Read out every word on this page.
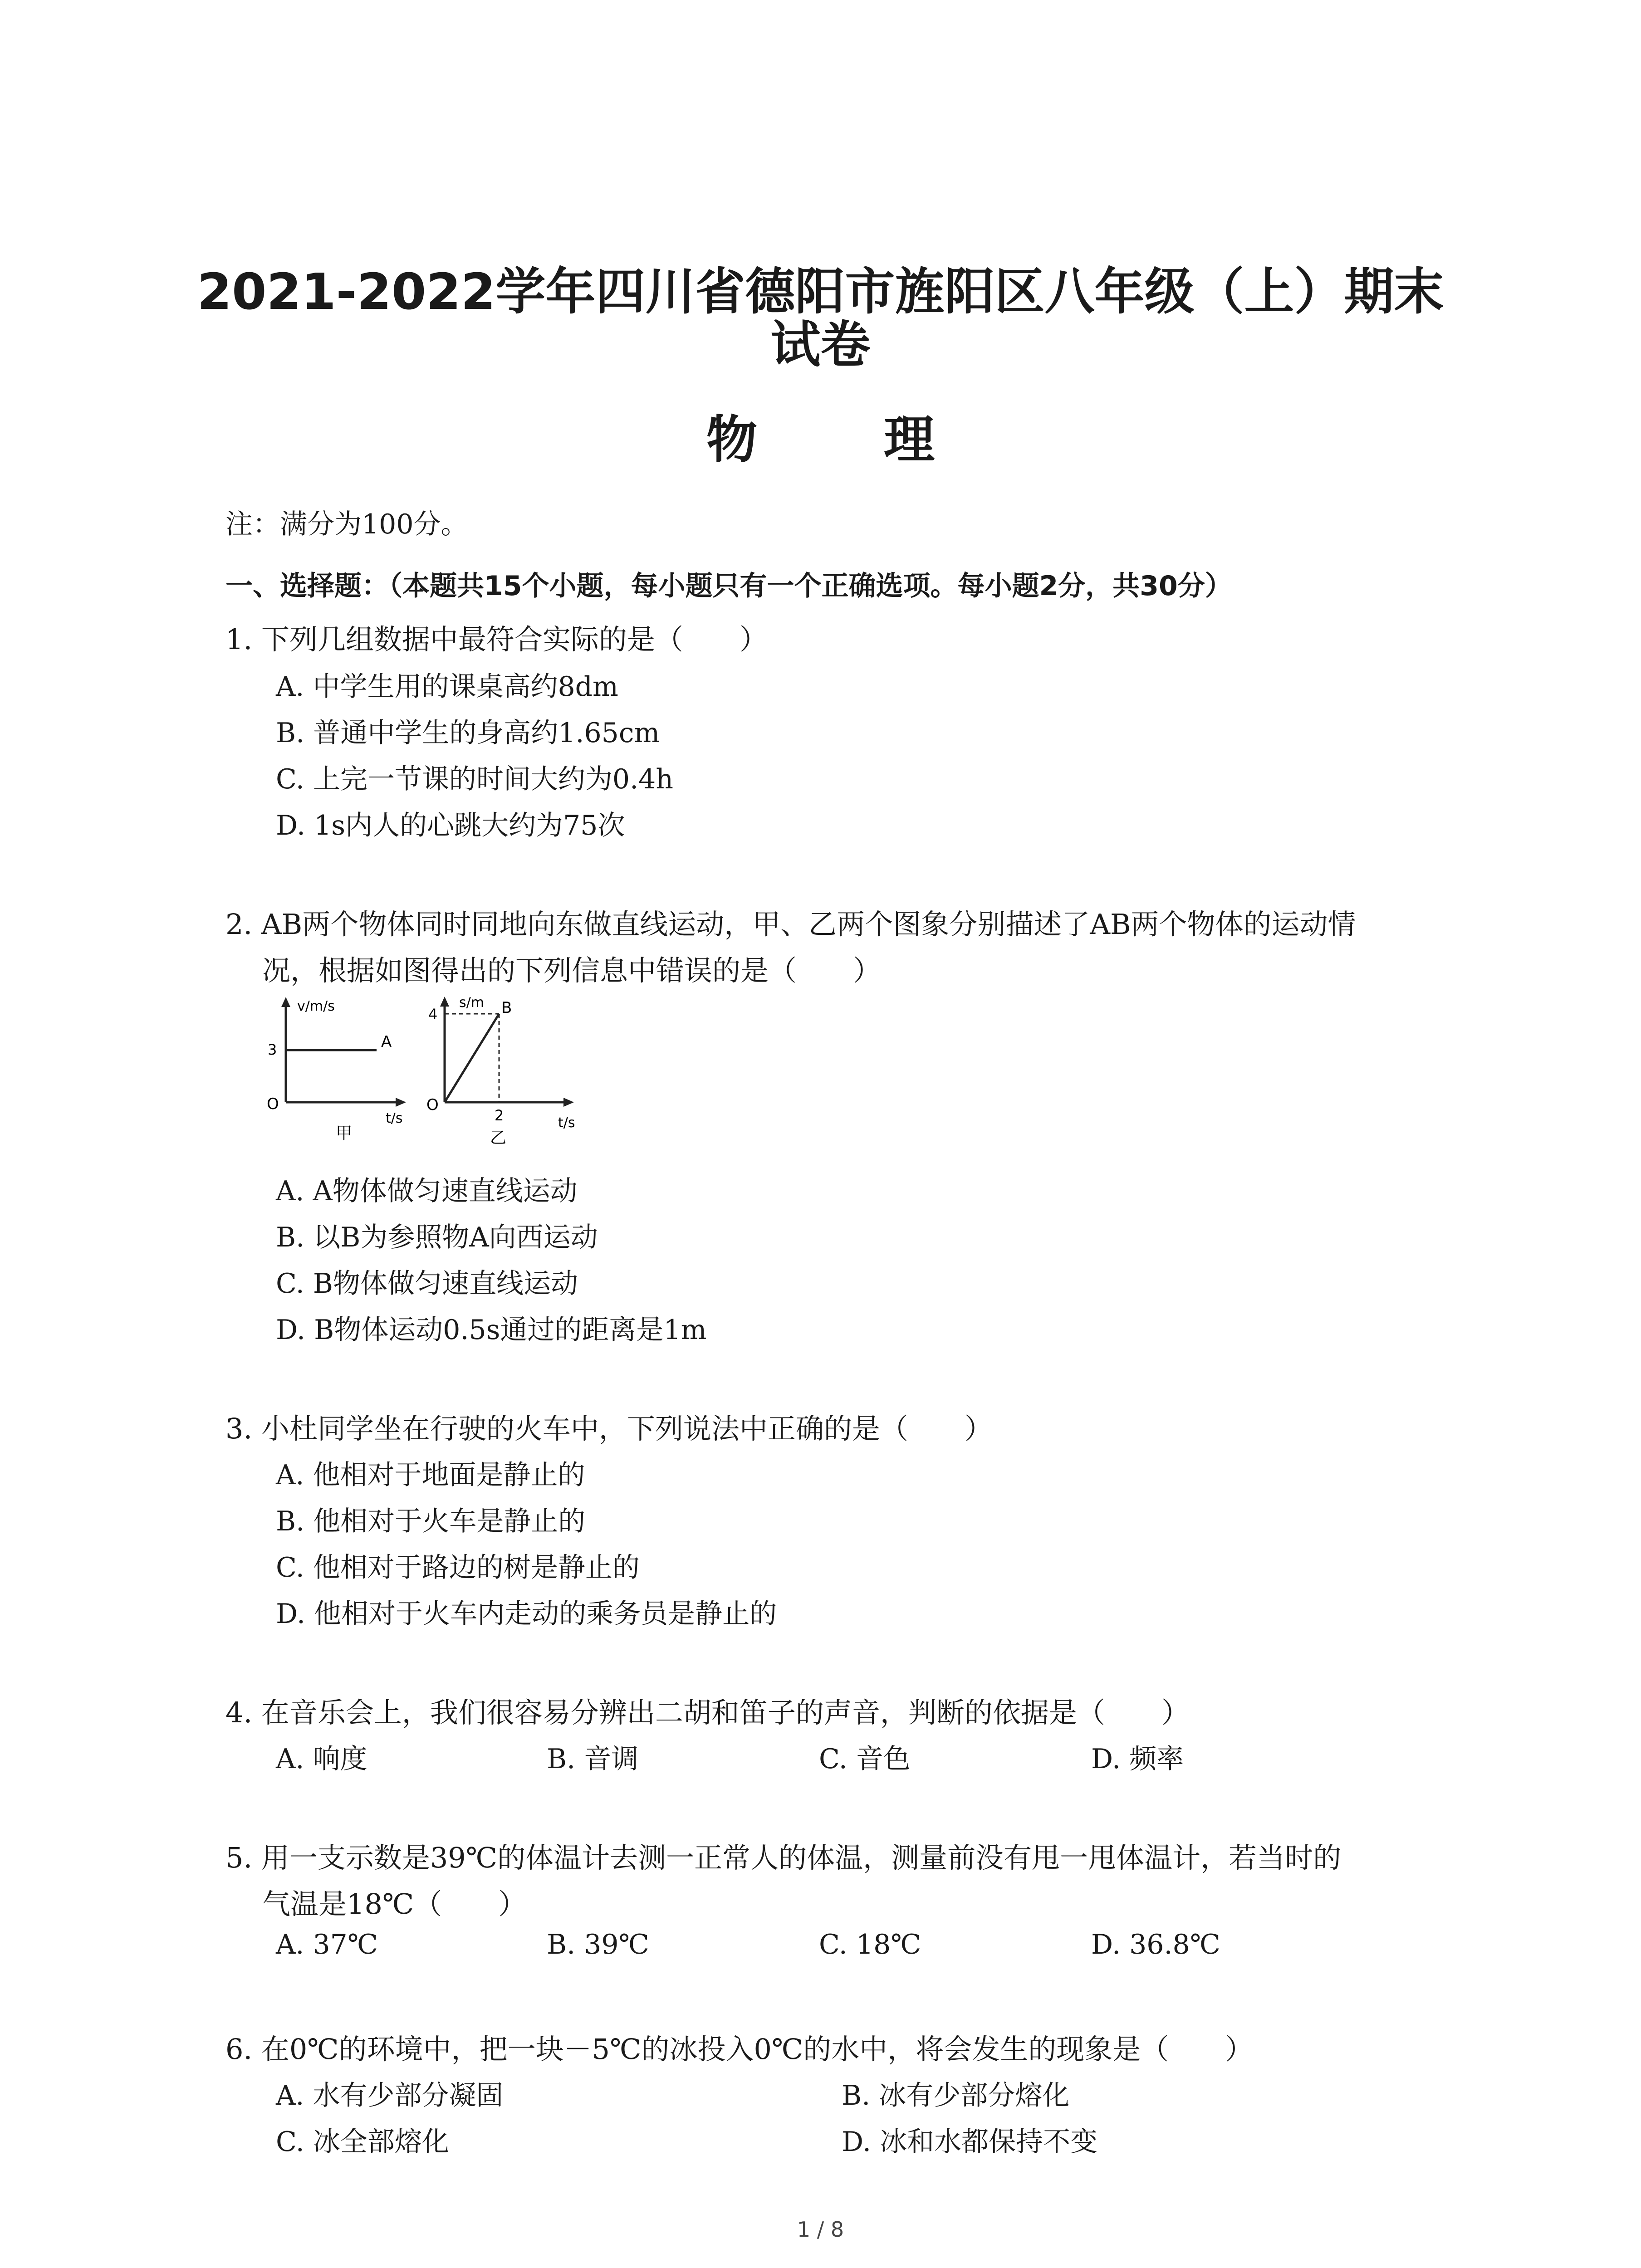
2021-2022学年四川省德阳市旌阳区八年级（上）期末
试卷
物 理
注：满分为100分。
一、选择题：（本题共15个小题，每小题只有一个正确选项。每小题2分，共30分）
1. 下列几组数据中最符合实际的是（　　）
A. 中学生用的课桌高约8dm
B. 普通中学生的身高约1.65cm
C. 上完一节课的时间大约为0.4h
D. 1s内人的心跳大约为75次
2. AB两个物体同时同地向东做直线运动，甲、乙两个图象分别描述了AB两个物体的运动情
况，根据如图得出的下列信息中错误的是（　　）
v/m/s
3	A
O
t/s
甲
s/m
4	B
O
2	t/s
乙
A. A物体做匀速直线运动
B. 以B为参照物A向西运动
C. B物体做匀速直线运动
D. B物体运动0.5s通过的距离是1m
3. 小杜同学坐在行驶的火车中，下列说法中正确的是（　　）
A. 他相对于地面是静止的
B. 他相对于火车是静止的
C. 他相对于路边的树是静止的
D. 他相对于火车内走动的乘务员是静止的
4. 在音乐会上，我们很容易分辨出二胡和笛子的声音，判断的依据是（　　）
A. 响度	B. 音调	C. 音色	D. 频率
5. 用一支示数是39℃的体温计去测一正常人的体温，测量前没有甩一甩体温计，若当时的
气温是18℃（　　）
A. 37℃	B. 39℃	C. 18℃	D. 36.8℃
6. 在0℃的环境中，把一块－5℃的冰投入0℃的水中，将会发生的现象是（　　）
A. 水有少部分凝固	B. 冰有少部分熔化
C. 冰全部熔化	D. 冰和水都保持不变
1 / 8
